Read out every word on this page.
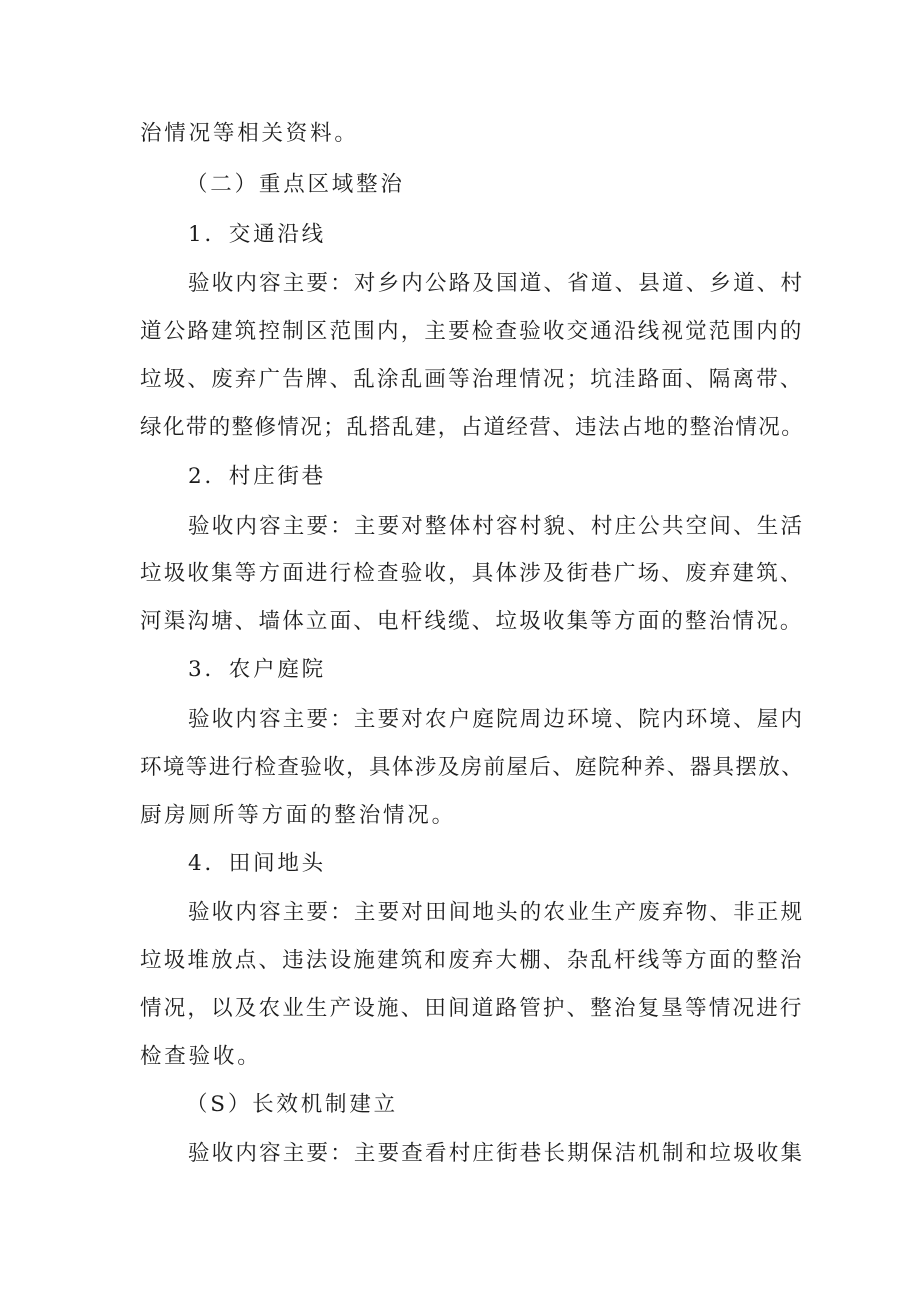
治情况等相关资料。
（二）重点区域整治
1．交通沿线
验收内容主要：对乡内公路及国道、省道、县道、乡道、村
道公路建筑控制区范围内，主要检查验收交通沿线视觉范围内的
垃圾、废弃广告牌、乱涂乱画等治理情况；坑洼路面、隔离带、
绿化带的整修情况；乱搭乱建，占道经营、违法占地的整治情况。
2．村庄街巷
验收内容主要：主要对整体村容村貌、村庄公共空间、生活
垃圾收集等方面进行检查验收，具体涉及街巷广场、废弃建筑、
河渠沟塘、墙体立面、电杆线缆、垃圾收集等方面的整治情况。
3．农户庭院
验收内容主要：主要对农户庭院周边环境、院内环境、屋内
环境等进行检查验收，具体涉及房前屋后、庭院种养、器具摆放、
厨房厕所等方面的整治情况。
4．田间地头
验收内容主要：主要对田间地头的农业生产废弃物、非正规
垃圾堆放点、违法设施建筑和废弃大棚、杂乱杆线等方面的整治
情况，以及农业生产设施、田间道路管护、整治复垦等情况进行
检查验收。
（S）长效机制建立
验收内容主要：主要查看村庄街巷长期保洁机制和垃圾收集
